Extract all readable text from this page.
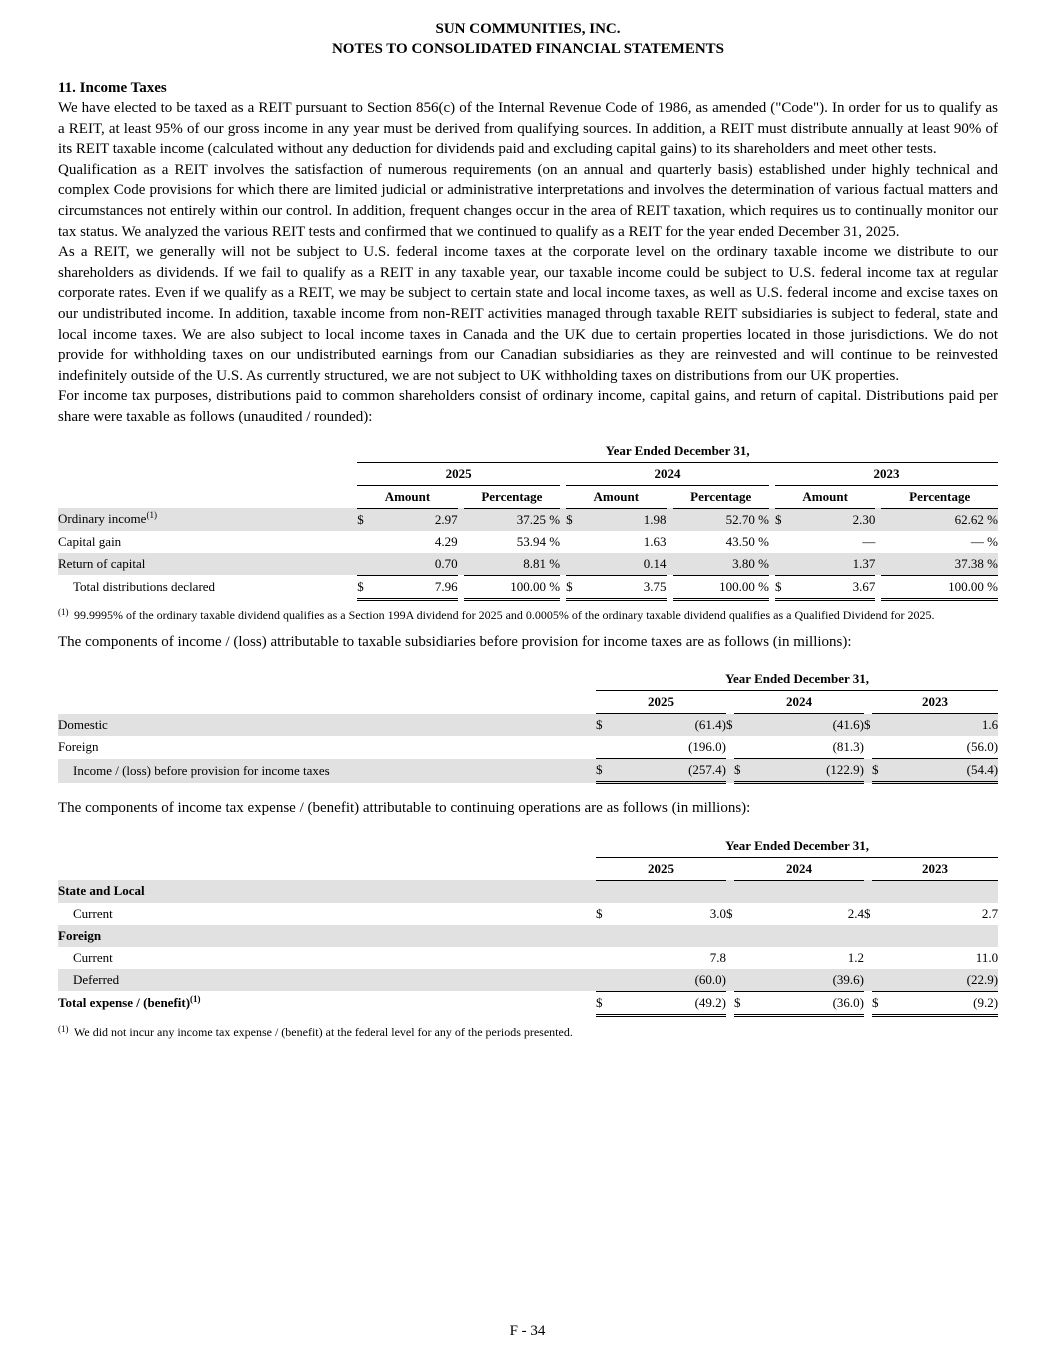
SUN COMMUNITIES, INC.
NOTES TO CONSOLIDATED FINANCIAL STATEMENTS
11. Income Taxes

We have elected to be taxed as a REIT pursuant to Section 856(c) of the Internal Revenue Code of 1986, as amended ("Code"). In order for us to qualify as a REIT, at least 95% of our gross income in any year must be derived from qualifying sources. In addition, a REIT must distribute annually at least 90% of its REIT taxable income (calculated without any deduction for dividends paid and excluding capital gains) to its shareholders and meet other tests.

Qualification as a REIT involves the satisfaction of numerous requirements (on an annual and quarterly basis) established under highly technical and complex Code provisions for which there are limited judicial or administrative interpretations and involves the determination of various factual matters and circumstances not entirely within our control. In addition, frequent changes occur in the area of REIT taxation, which requires us to continually monitor our tax status. We analyzed the various REIT tests and confirmed that we continued to qualify as a REIT for the year ended December 31, 2025.

As a REIT, we generally will not be subject to U.S. federal income taxes at the corporate level on the ordinary taxable income we distribute to our shareholders as dividends. If we fail to qualify as a REIT in any taxable year, our taxable income could be subject to U.S. federal income tax at regular corporate rates. Even if we qualify as a REIT, we may be subject to certain state and local income taxes, as well as U.S. federal income and excise taxes on our undistributed income. In addition, taxable income from non-REIT activities managed through taxable REIT subsidiaries is subject to federal, state and local income taxes. We are also subject to local income taxes in Canada and the UK due to certain properties located in those jurisdictions. We do not provide for withholding taxes on our undistributed earnings from our Canadian subsidiaries as they are reinvested and will continue to be reinvested indefinitely outside of the U.S. As currently structured, we are not subject to UK withholding taxes on distributions from our UK properties.

For income tax purposes, distributions paid to common shareholders consist of ordinary income, capital gains, and return of capital. Distributions paid per share were taxable as follows (unaudited / rounded):

	Year Ended December 31,													
	2025					2024					2023			
	Amount			Percentage		Amount			Percentage		Amount			Percentage
Ordinary income$^{(1)}$	$	2.97		37.25 %		$	1.98		52.70 %		$	2.30		62.62 %
Capital gain		4.29		53.94 %			1.63		43.50 %			—		— %
Return of capital		0.70		8.81 %			0.14		3.80 %			1.37		37.38 %
Total distributions declared	$	7.96		100.00 %		$	3.75		100.00 %		$	3.67		100.00 %
(1) 99.9995% of the ordinary taxable dividend qualifies as a Section 199A dividend for 2025 and 0.0005% of the ordinary taxable dividend qualifies as a Qualified Dividend for 2025.

The components of income / (loss) attributable to taxable subsidiaries before provision for income taxes are as follows (in millions):

	Year Ended December 31,							
	2025			2024			2023	
Domestic	$	(61.4)	$		(41.6)	$		1.6
Foreign		(196.0)			(81.3)			(56.0)
Income / (loss) before provision for income taxes	$	(257.4)		$	(122.9)		$	(54.4)

The components of income tax expense / (benefit) attributable to continuing operations are as follows (in millions):

	Year Ended December 31,							
	2025			2024			2023	
State and Local								
Current	$	3.0	$		2.4	$		2.7
Foreign								
Current		7.8			1.2			11.0
Deferred		(60.0)			(39.6)			(22.9)
Total expense / (benefit)$^{(1)}$	$	(49.2)		$	(36.0)		$	(9.2)
(1) We did not incur any income tax expense / (benefit) at the federal level for any of the periods presented.
F - 34
